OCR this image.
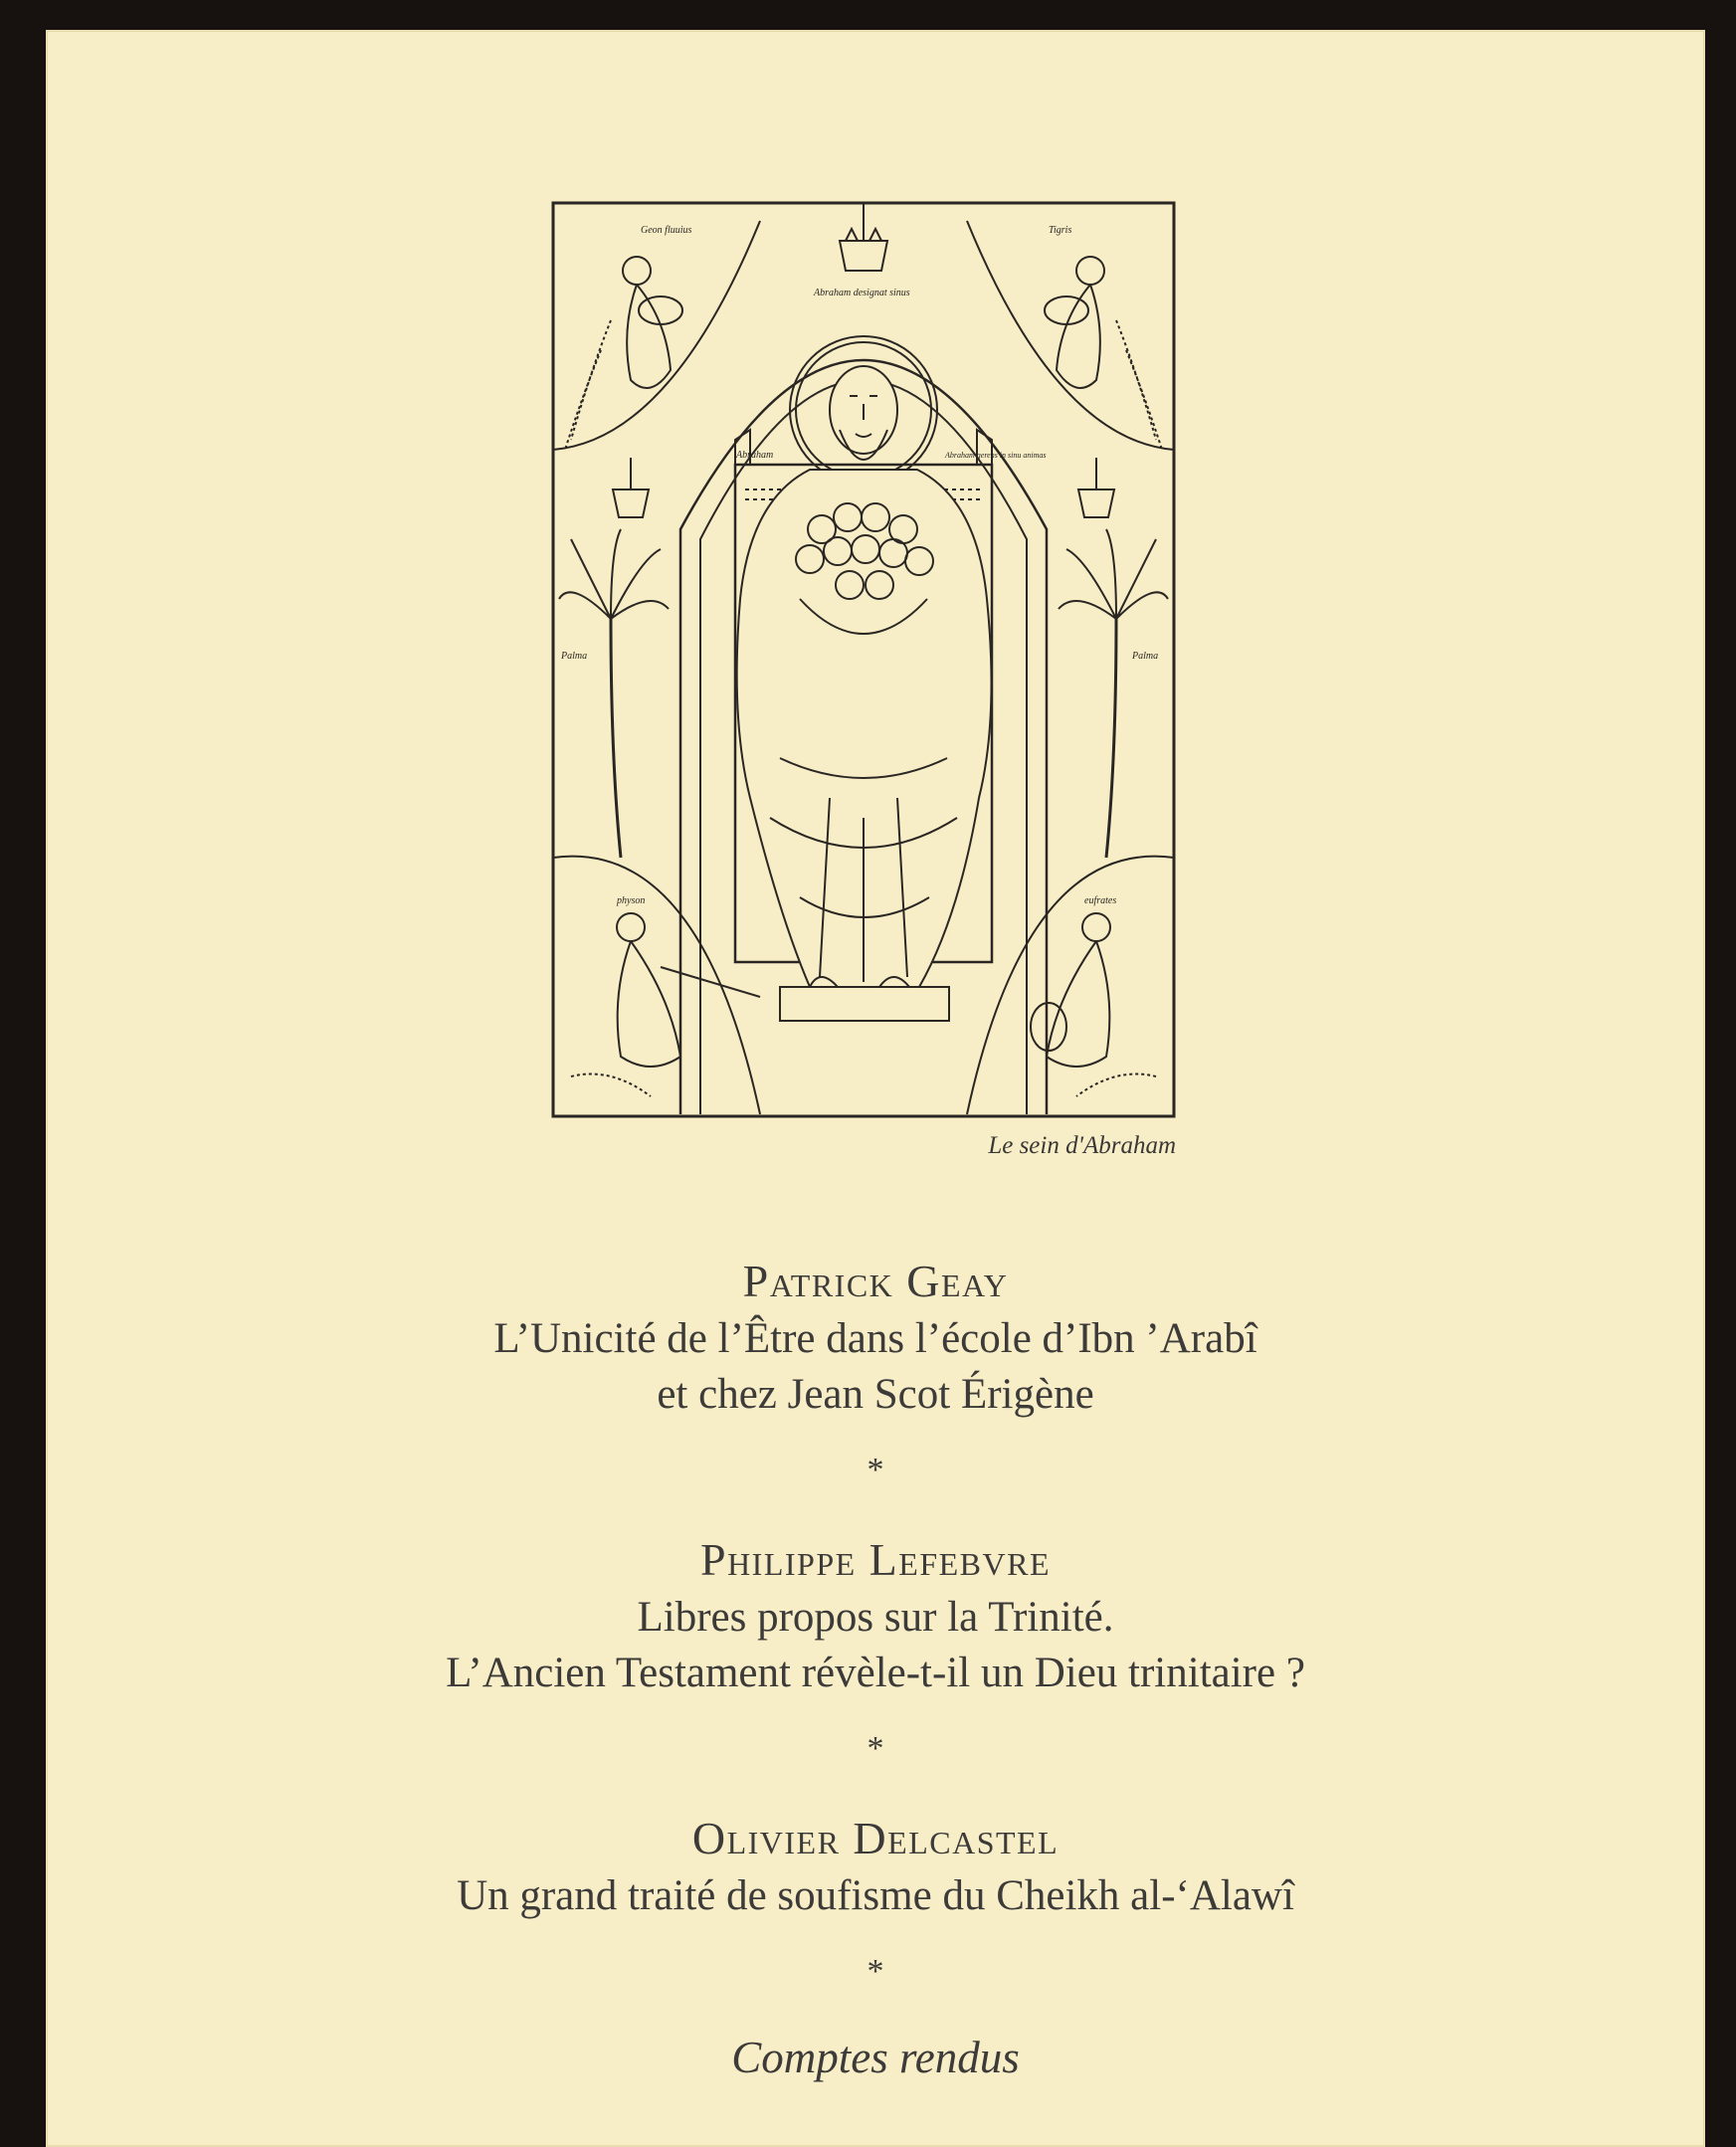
Abraham designat sinus
Geon fluuius	Tigris
Abraham	Abraham gerens in sinu animas
Palma	Palma
physon	eufrates
Le sein d'Abraham
Patrick Geay
L’Unicité de l’Être dans l’école d’Ibn ’Arabî
et chez Jean Scot Érigène
*
Philippe Lefebvre
Libres propos sur la Trinité.
L’Ancien Testament révèle-t-il un Dieu trinitaire ?
*
Olivier Delcastel
Un grand traité de soufisme du Cheikh al-‘Alawî
*
Comptes rendus
